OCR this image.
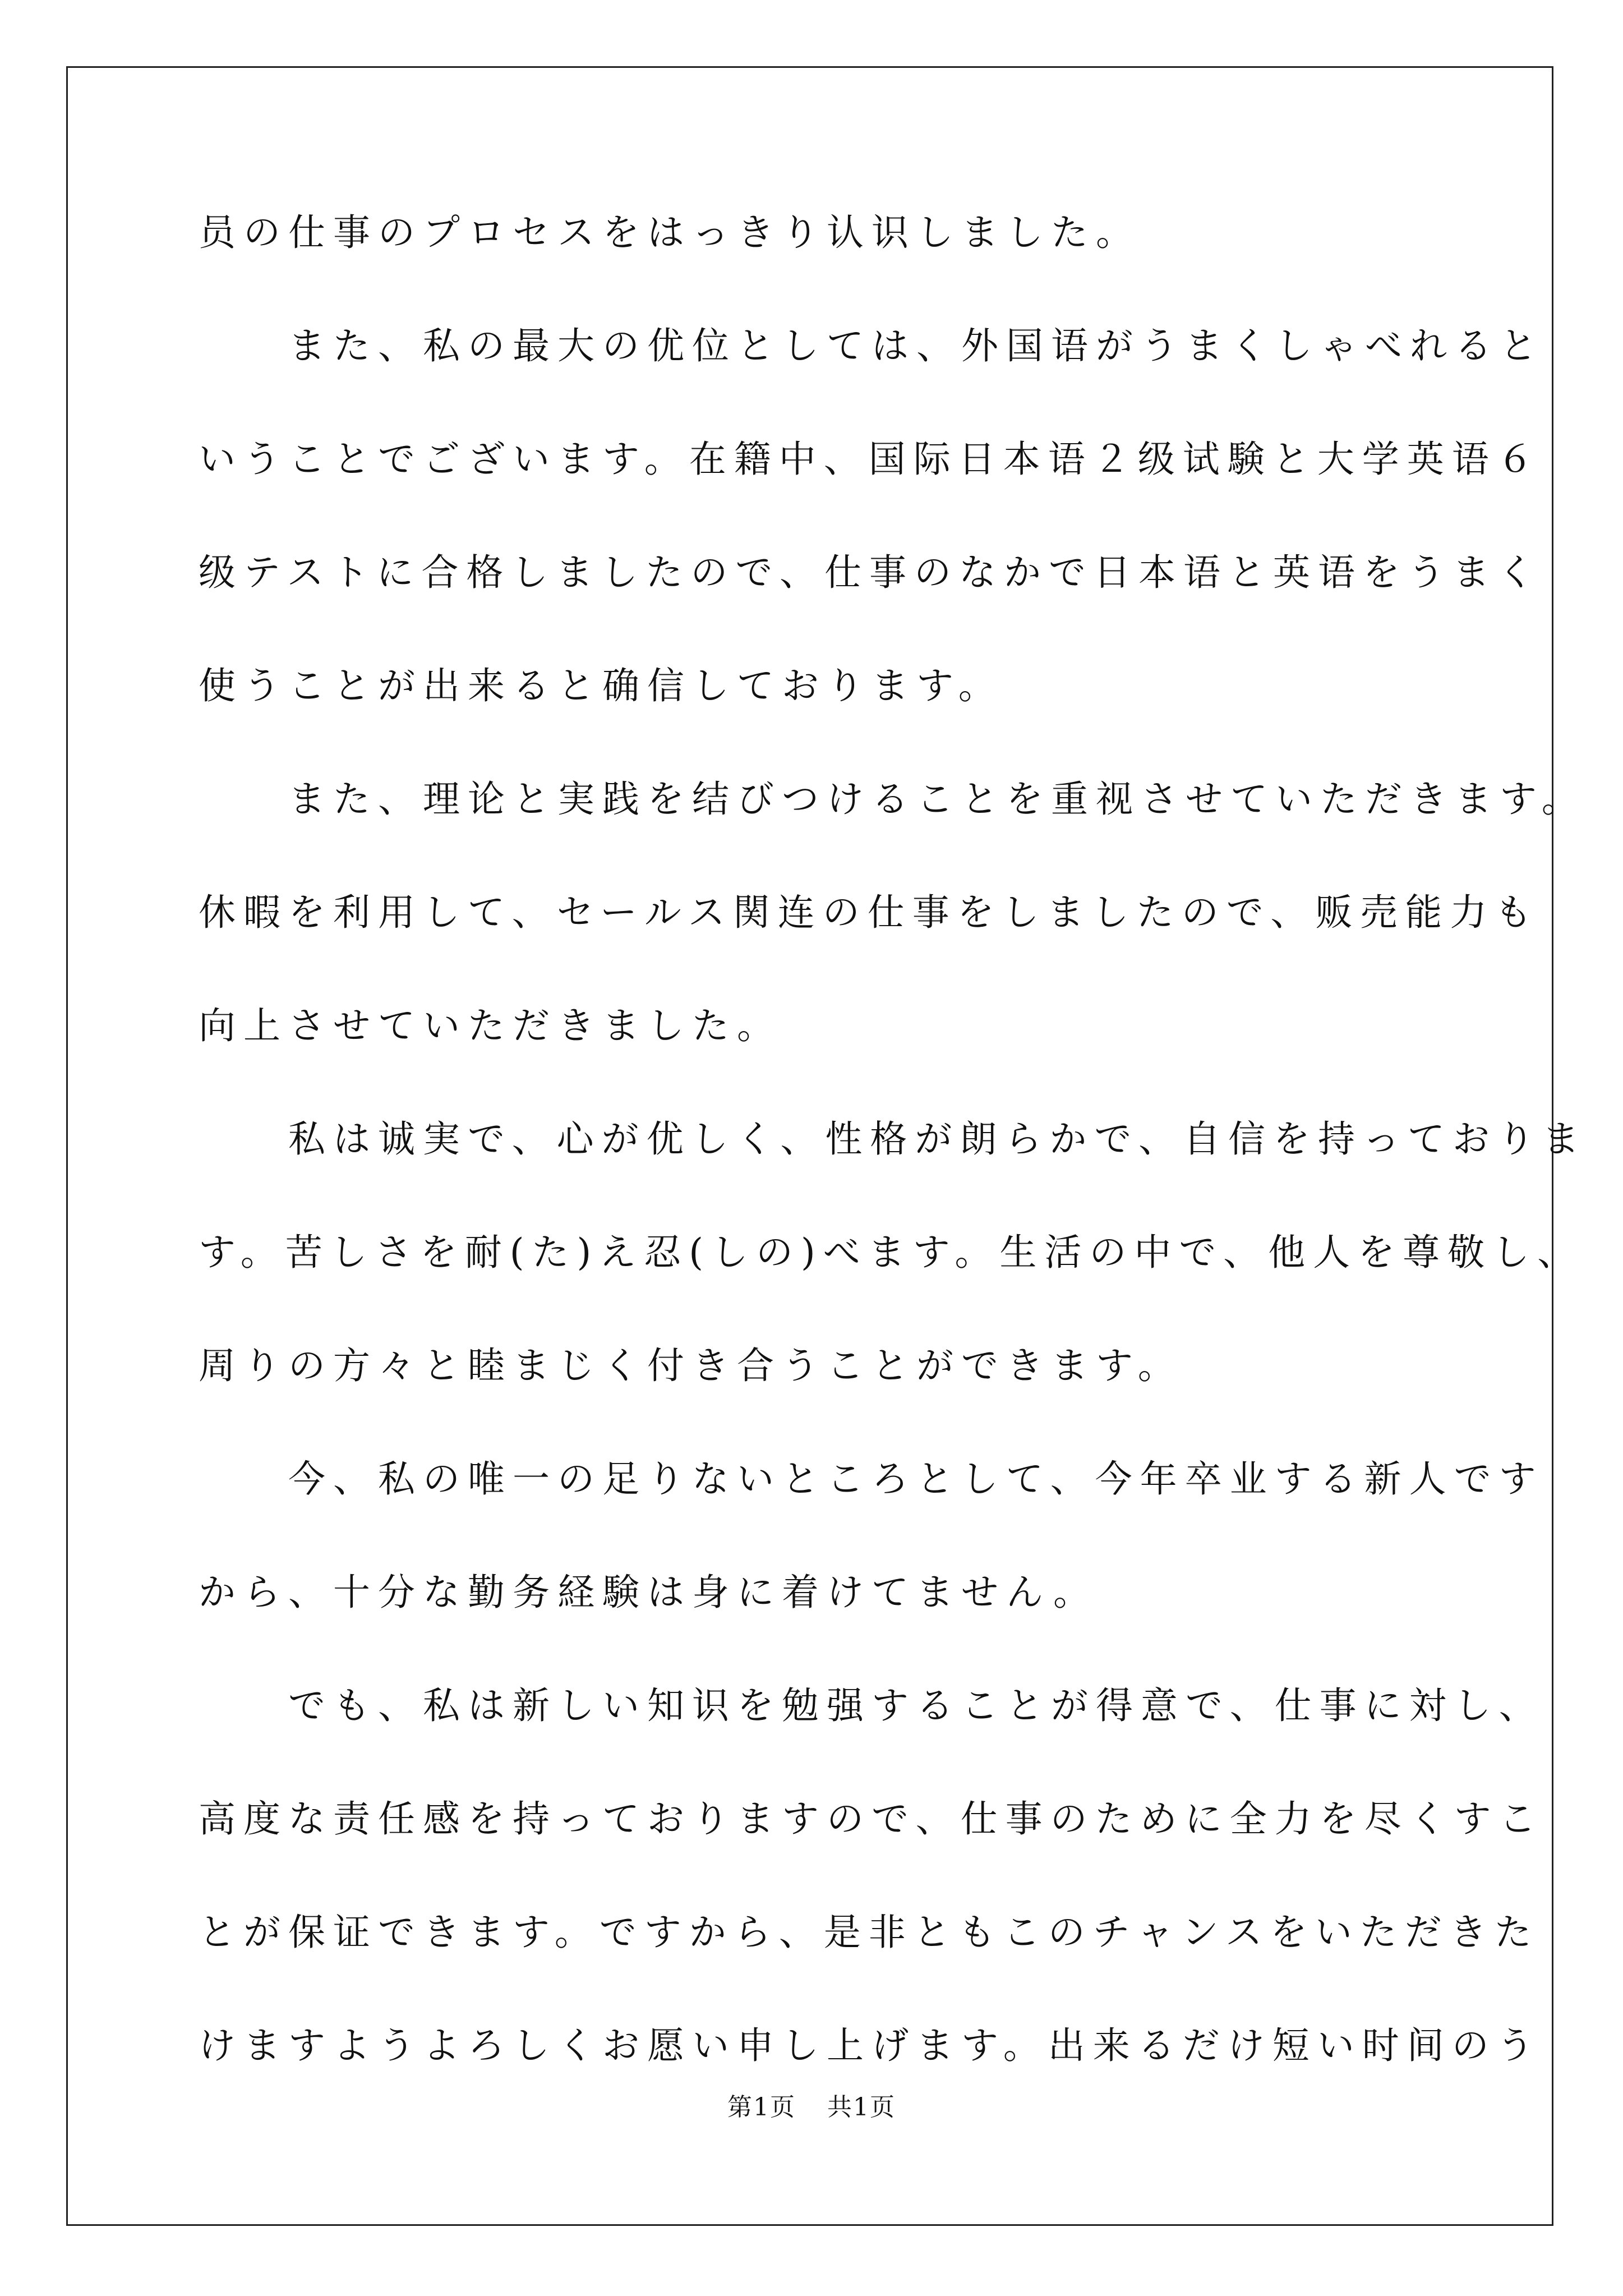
员の仕事のプロセスをはっきり认识しました。
　　また、私の最大の优位としては、外国语がうまくしゃべれると
いうことでございます。在籍中、国际日本语２级试験と大学英语６
级テストに合格しましたので、仕事のなかで日本语と英语をうまく
使うことが出来ると确信しております。
　　また、理论と実践を结びつけることを重视させていただきます。
休暇を利用して、セールス関连の仕事をしましたので、贩売能力も
向上させていただきました。
　　私は诚実で、心が优しく、性格が朗らかで、自信を持っておりま
す。苦しさを耐(た)え忍(しの)べます。生活の中で、他人を尊敬し、
周りの方々と睦まじく付き合うことができます。
　　今、私の唯一の足りないところとして、今年卒业する新人です
から、十分な勤务経験は身に着けてません。
　　でも、私は新しい知识を勉强することが得意で、仕事に対し、
高度な责任感を持っておりますので、仕事のために全力を尽くすこ
とが保证できます。ですから、是非ともこのチャンスをいただきた
けますようよろしくお愿い申し上げます。出来るだけ短い时间のう
第1页 共1页
